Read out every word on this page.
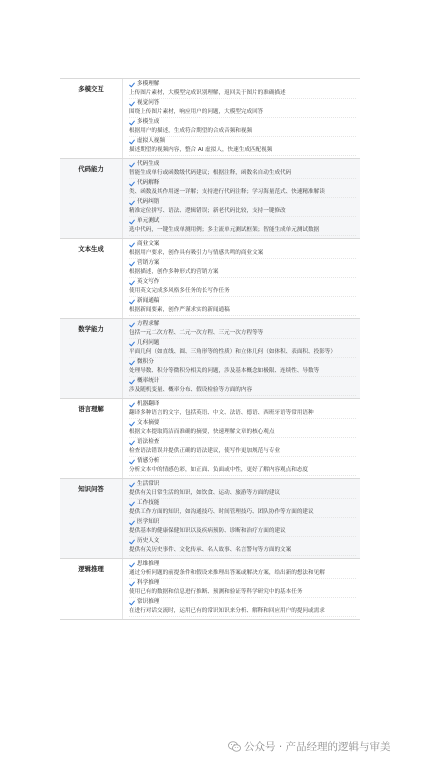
多模交互
多模理解
上传图片素材，大模型完成识别理解，返回关于图片的准确描述
视觉问答
围绕上传图片素材，响应用户的问题，大模型完成回答
多模生成
根据用户的描述，生成符合期望的合成音频和视频
虚拟人视频
描述期望的视频内容，整合 AI 虚拟人，快速生成匹配视频
代码能力
代码生成
智能生成单行或函数级代码建议；根据注释，函数名自动生成代码
代码解释
类、函数及其作用逐一详解；支持进行代码注释；学习海量范式、快速精准解读
代码纠错
精准定位拼写、语法、逻辑错误；新老代码比较，支持一键修改
单元测试
选中代码，一键生成单测用例；多主流单元测试框架；智能生成单元测试数据
文本生成
商业文案
根据用户要求，创作具有吸引力与情感共鸣的商业文案
营销方案
根据描述，创作多种形式的营销方案
英文写作
使用英文完成多风格多任务的长写作任务
新闻通稿
根据新闻要素，创作严谨求实的新闻通稿
数学能力
方程求解
包括一元二次方程、二元一次方程、三元一次方程等等
几何问题
平面几何（如直线、圆、三角形等的性质）和立体几何（如体积、表面积、投影等）
微积分
处理导数、积分等微积分相关的问题，涉及基本概念如极限、连续性、导数等
概率统计
涉及随机变量、概率分布、假设检验等方面的内容
语言理解
机器翻译
翻译多种语言的文字，包括英语、中文、法语、德语、西班牙语等常用语种
文本摘要
根据文本提取简洁而准确的摘要，快速理解文章的核心观点
语法检查
检查语法错误并提供正确的语法建议，使写作更加规范与专业
情感分析
分析文本中的情感色彩，如正面、负面或中性，更好了解内容观点和态度
知识问答
生活常识
提供有关日常生活的知识，如饮食、运动、旅游等方面的建议
工作技能
提供工作方面的知识，如沟通技巧、时间管理技巧、团队协作等方面的建议
医学知识
提供基本的健康保健知识以及疾病预防、诊断和治疗方面的建议
历史人文
提供有关历史事件、文化传承、名人故事、名言警句等方面的文案
逻辑推理
思维推理
通过分析问题的前提条件和假设来推理出答案或解决方案，给出新的想法和见解
科学推理
使用已有的数据和信息进行推断、预测和验证等科学研究中的基本任务
常识推理
在进行对话交流时，运用已有的常识知识来分析、解释和回应用户的提问或需求
公众号 · 产品经理的逻辑与审美
